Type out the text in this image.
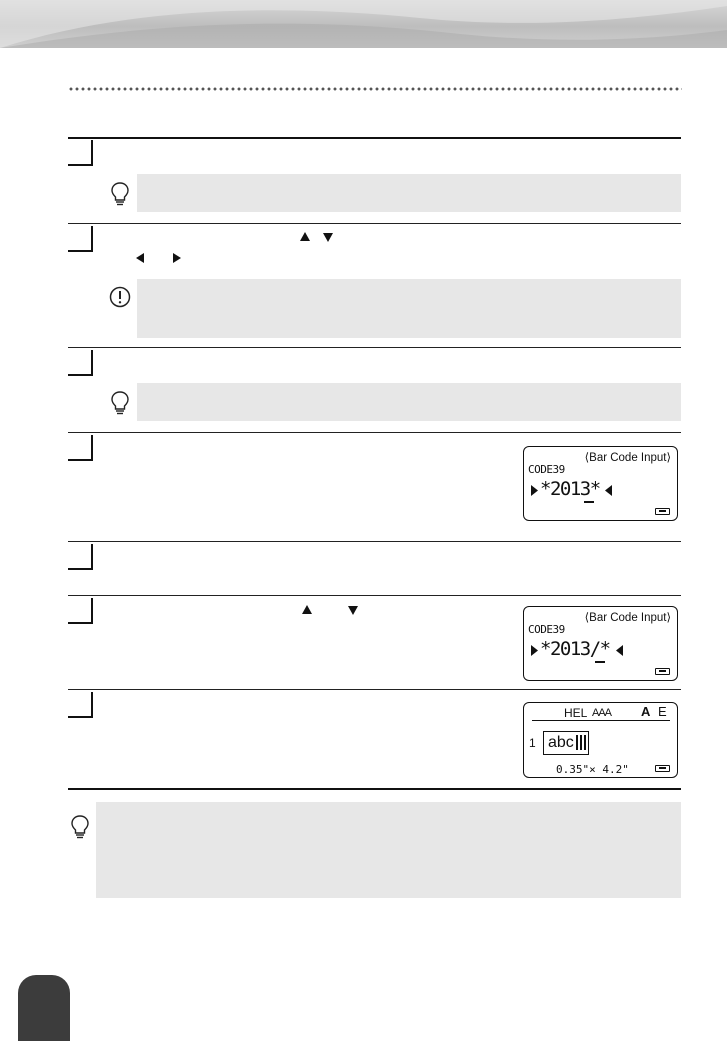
⟨Bar Code Input⟩
CODE39
*2013*
⟨Bar Code Input⟩
CODE39
*2013/*
HEL AAA A E
1 abc
0.35"× 4.2"
